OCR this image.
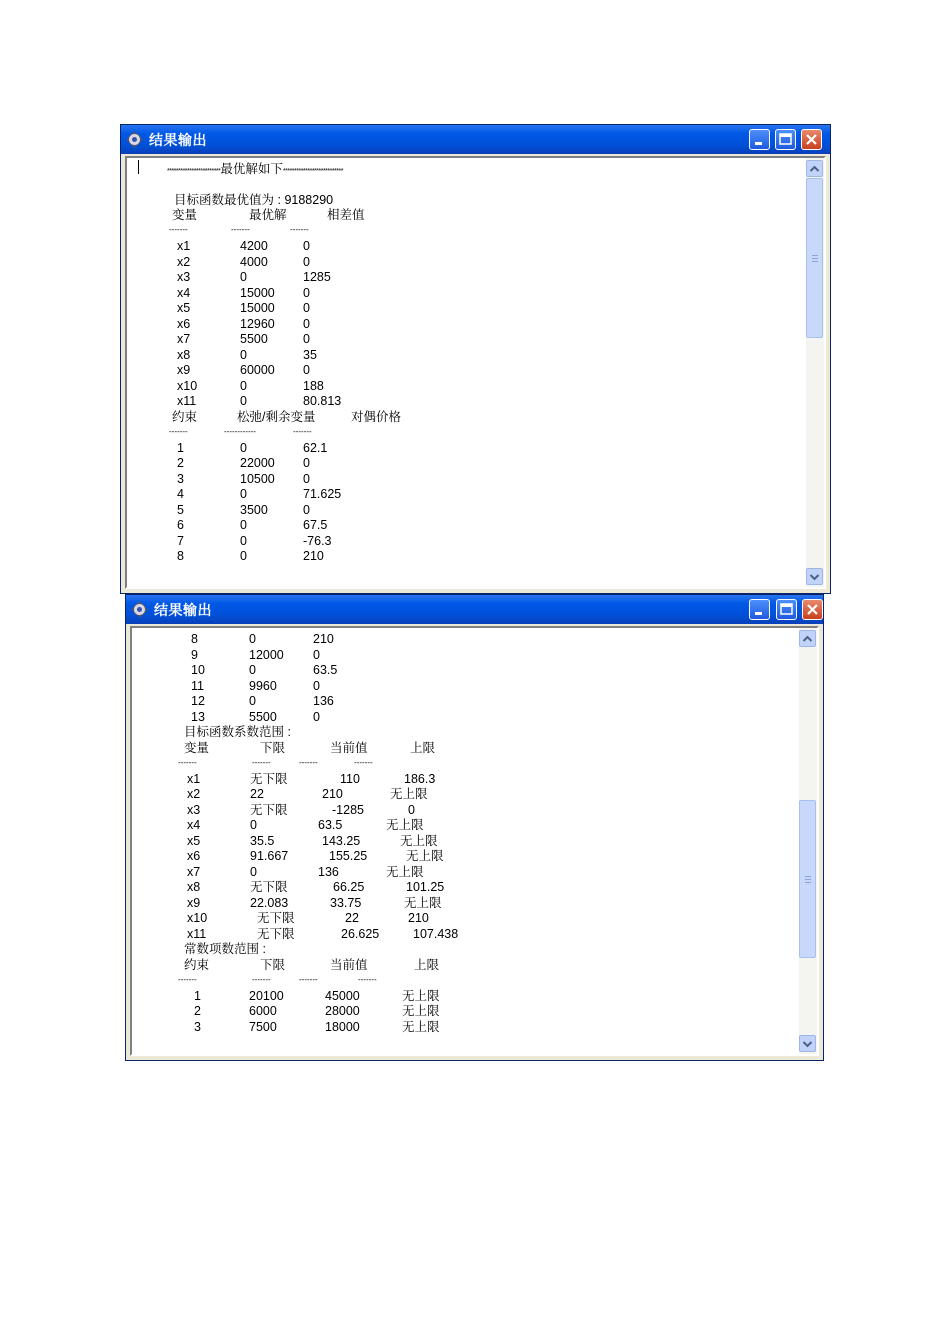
结果输出
************************最优解如下***************************
目标函数最优值为 : 9188290
变量	最优解	相差值
-------	-------	-------
x1	4200	0
x2	4000	0
x3	0	1285
x4	15000 0
x5	15000 0
x6	12960 0
x7	5500	0
x8	0	35
x9	60000 0
x10	0	188
x11	0	80.813
约束	松弛/剩余变量	对偶价格
-------	------------	-------
1	0	62.1
2	22000 0
3	10500 0
4	0	71.625
5	3500	0
6	0	67.5
7	0	-76.3
8	0	210
结果输出
8	0	210
9	12000 0
10	0	63.5
11	9960	0
12	0	136
13	5500	0
目标函数系数范围 :
变量	下限	当前值	上限
-------	-------	-------	-------
x1	无下限	110	186.3
x2	22	210	无上限
x3	无下限	-1285	0
x4	0	63.5	无上限
x5	35.5	143.25	无上限
x6	91.667	155.25	无上限
x7	0	136	无上限
x8	无下限	66.25	101.25
x9	22.083	33.75	无上限
x10	无下限	22	210
x11	无下限	26.625	107.438
常数项数范围 :
约束	下限	当前值	上限
-------	-------	-------	-------
1	20100	45000	无上限
2	6000	28000	无上限
3	7500	18000	无上限
